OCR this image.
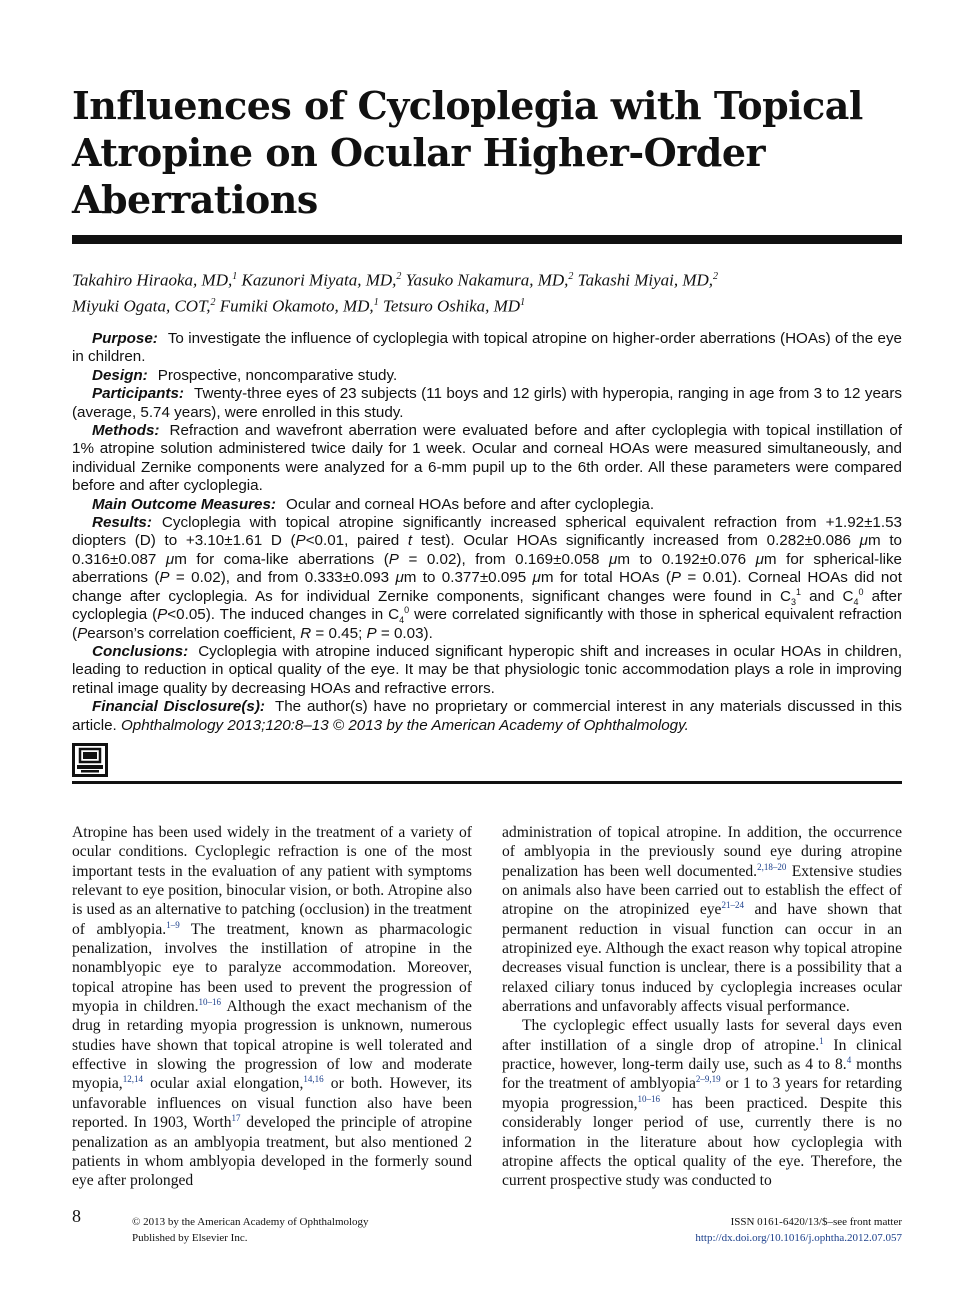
Influences of Cycloplegia with Topical Atropine on Ocular Higher-Order Aberrations
Takahiro Hiraoka, MD,$^1$ Kazunori Miyata, MD,$^2$ Yasuko Nakamura, MD,$^2$ Takashi Miyai, MD,$^2$
Miyuki Ogata, COT,$^2$ Fumiki Okamoto, MD,$^1$ Tetsuro Oshika, $MD^1$

Purpose: To investigate the influence of cycloplegia with topical atropine on higher-order aberrations (HOAs) of the eye in children.

Design: Prospective, noncomparative study.

Participants: Twenty-three eyes of 23 subjects (11 boys and 12 girls) with hyperopia, ranging in age from 3 to 12 years (average, 5.74 years), were enrolled in this study.

Methods: Refraction and wavefront aberration were evaluated before and after cycloplegia with topical instillation of 1% atropine solution administered twice daily for 1 week. Ocular and corneal HOAs were measured simultaneously, and individual Zernike components were analyzed for a 6-mm pupil up to the 6th order. All these parameters were compared before and after cycloplegia.

Main Outcome Measures: Ocular and corneal HOAs before and after cycloplegia.

Results: Cycloplegia with topical atropine significantly increased spherical equivalent refraction from +1.92±1.53 diopters (D) to +3.10±1.61 D (P<0.01, paired t test). Ocular HOAs significantly increased from 0.282±0.086 μm to 0.316±0.087 μm for coma-like aberrations (P = 0.02), from 0.169±0.058 μm to 0.192±0.076 μm for spherical-like aberrations (P = 0.02), and from 0.333±0.093 μm to 0.377±0.095 μm for total HOAs (P = 0.01). Corneal HOAs did not change after cycloplegia. As for individual Zernike components, significant changes were found in $C_3^1$ and $C_4^0$ after cycloplegia (P<0.05). The induced changes in $C_4^0$ were correlated significantly with those in spherical equivalent refraction (Pearson’s correlation coefficient, R = 0.45; P = 0.03).

Conclusions: Cycloplegia with atropine induced significant hyperopic shift and increases in ocular HOAs in children, leading to reduction in optical quality of the eye. It may be that physiologic tonic accommodation plays a role in improving retinal image quality by decreasing HOAs and refractive errors.

Financial Disclosure(s): The author(s) have no proprietary or commercial interest in any materials discussed in this article. Ophthalmology 2013;120:8–13 © 2013 by the American Academy of Ophthalmology.

Atropine has been used widely in the treatment of a variety of ocular conditions. Cycloplegic refraction is one of the most important tests in the evaluation of any patient with symptoms relevant to eye position, binocular vision, or both. Atropine also is used as an alternative to patching (occlusion) in the treatment of amblyopia.$^{1-9}$ The treatment, known as pharmacologic penalization, involves the instillation of atropine in the nonamblyopic eye to paralyze accommodation. Moreover, topical atropine has been used to prevent the progression of myopia in children.$^{10-16}$ Although the exact mechanism of the drug in retarding myopia progression is unknown, numerous studies have shown that topical atropine is well tolerated and effective in slowing the progression of low and moderate myopia,$^{12,14}$ ocular axial elongation,$^{14,16}$ or both. However, its unfavorable influences on visual function also have been reported. In 1903, Worth$^{17}$ developed the principle of atropine penalization as an amblyopia treatment, but also mentioned 2 patients in whom amblyopia developed in the formerly sound eye after prolonged

administration of topical atropine. In addition, the occurrence of amblyopia in the previously sound eye during atropine penalization has been well documented.$^{2,18-20}$ Extensive studies on animals also have been carried out to establish the effect of atropine on the atropinized eye$^{21-24}$ and have shown that permanent reduction in visual function can occur in an atropinized eye. Although the exact reason why topical atropine decreases visual function is unclear, there is a possibility that a relaxed ciliary tonus induced by cycloplegia increases ocular aberrations and unfavorably affects visual performance.

The cycloplegic effect usually lasts for several days even after instillation of a single drop of atropine.$^1$ In clinical practice, however, long-term daily use, such as 4 to 8.$^4$ months for the treatment of amblyopia$^{2-9,19}$ or 1 to 3 years for retarding myopia progression,$^{10-16}$ has been practiced. Despite this considerably longer period of use, currently there is no information in the literature about how cycloplegia with atropine affects the optical quality of the eye. Therefore, the current prospective study was conducted to

8	© 2013 by the American Academy of Ophthalmology
Published by Elsevier Inc.
ISSN 0161-6420/13/$–see front matter
http://dx.doi.org/10.1016/j.ophtha.2012.07.057
